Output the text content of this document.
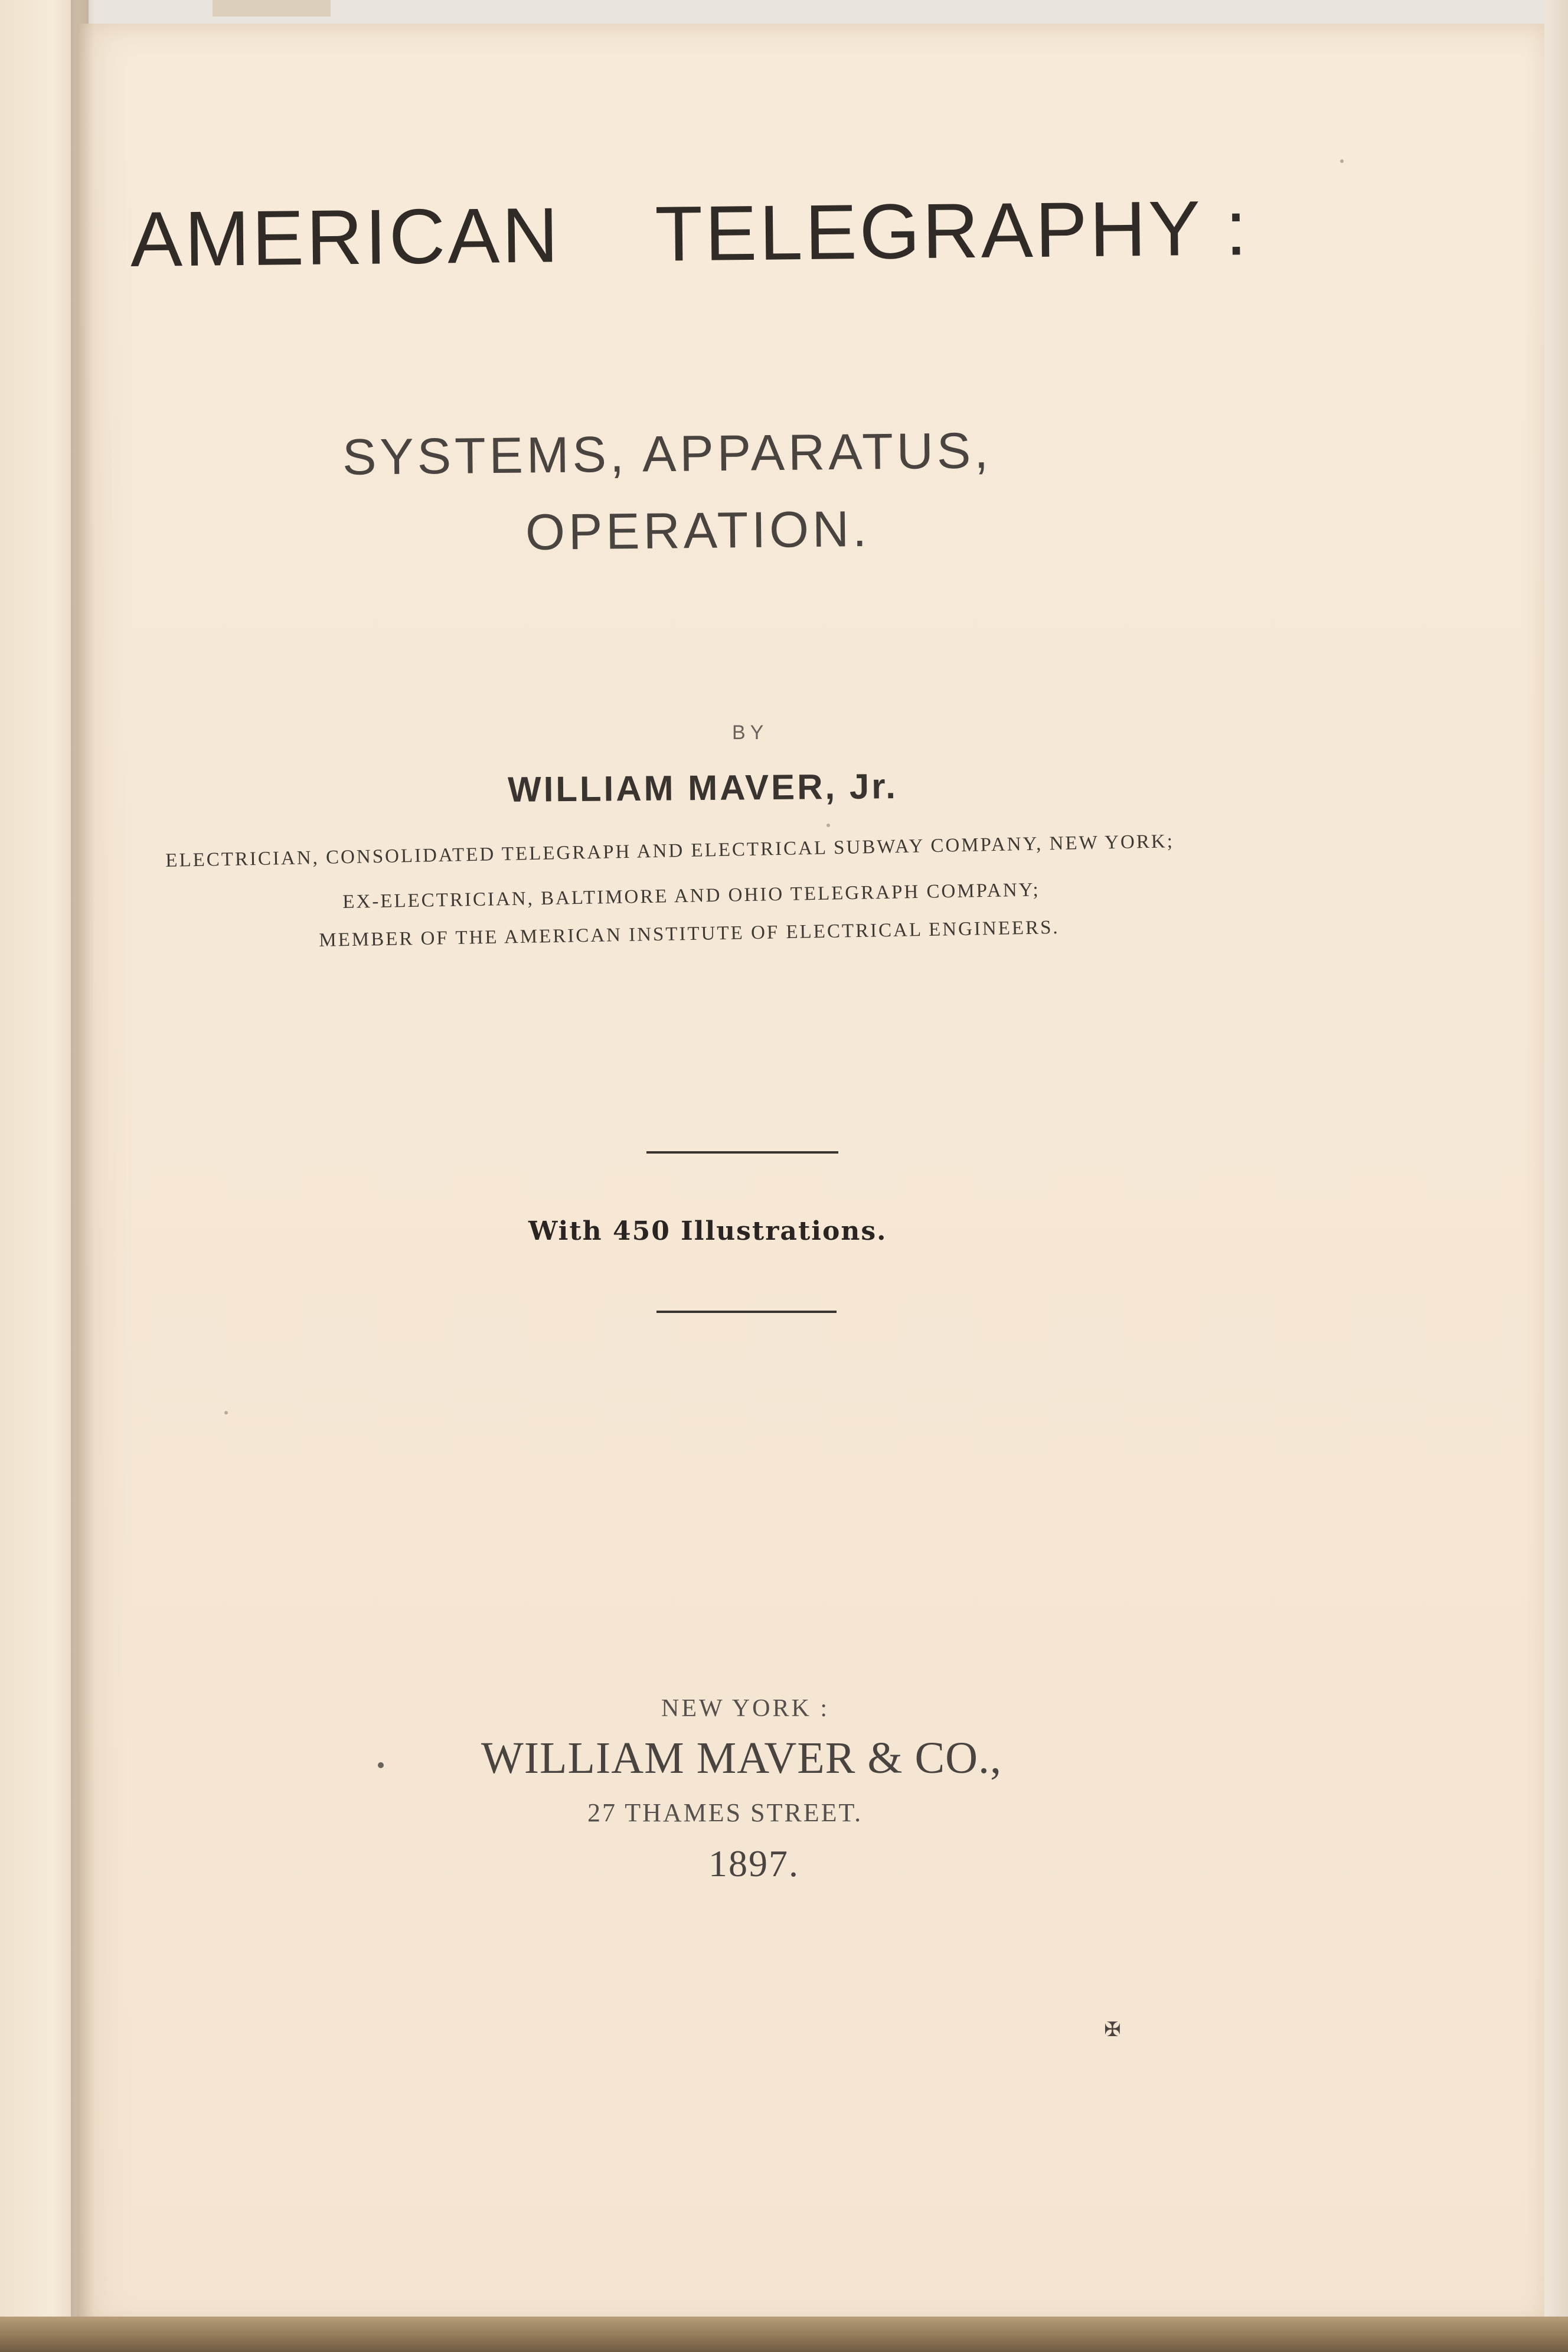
AMERICAN TELEGRAPHY :
SYSTEMS, APPARATUS,
OPERATION.
BY
WILLIAM MAVER, Jr.
ELECTRICIAN, CONSOLIDATED TELEGRAPH AND ELECTRICAL SUBWAY COMPANY, NEW YORK;
EX-ELECTRICIAN, BALTIMORE AND OHIO TELEGRAPH COMPANY;
MEMBER OF THE AMERICAN INSTITUTE OF ELECTRICAL ENGINEERS.
With 450 Illustrations.
NEW YORK :
WILLIAM MAVER & CO.,
27 THAMES STREET.
1897.
✠
